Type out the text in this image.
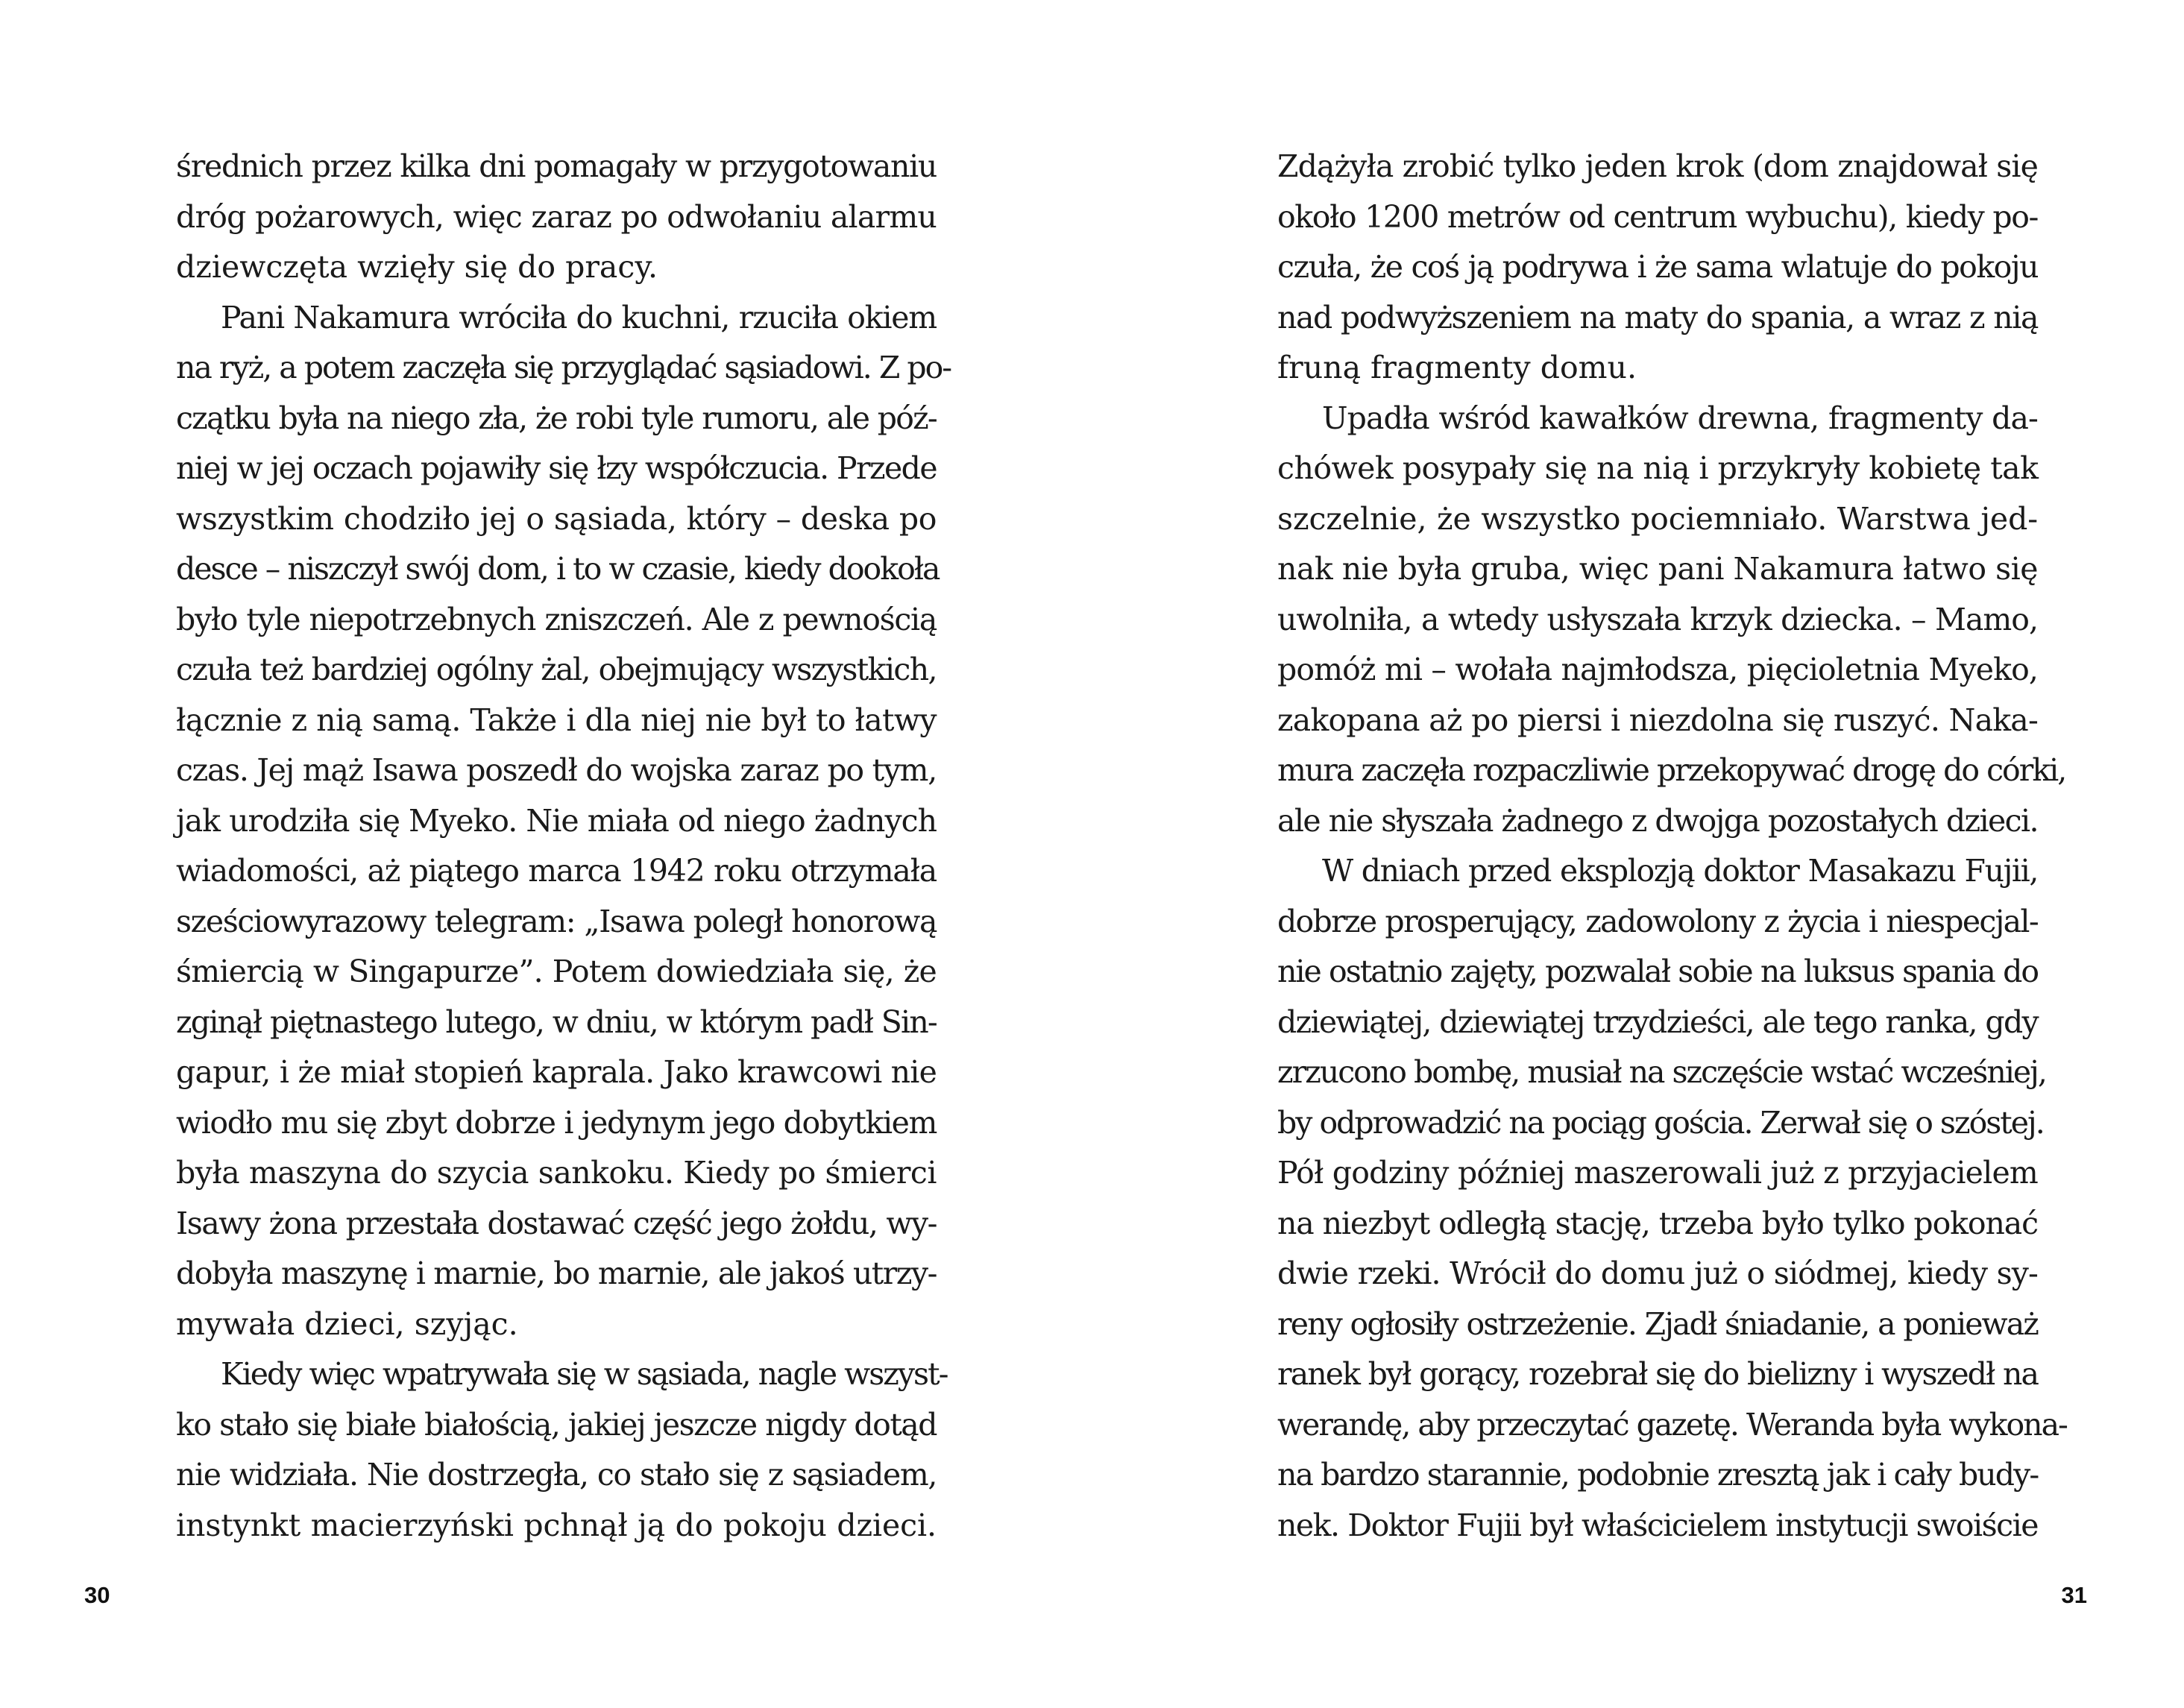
średnich przez kilka dni pomagały w przygotowaniu
dróg pożarowych, więc zaraz po odwołaniu alarmu
dziewczęta wzięły się do pracy.
Pani Nakamura wróciła do kuchni, rzuciła okiem
na ryż, a potem zaczęła się przyglądać sąsiadowi. Z po-
czątku była na niego zła, że robi tyle rumoru, ale póź-
niej w jej oczach pojawiły się łzy współczucia. Przede
wszystkim chodziło jej o sąsiada, który – deska po
desce – niszczył swój dom, i to w czasie, kiedy dookoła
było tyle niepotrzebnych zniszczeń. Ale z pewnością
czuła też bardziej ogólny żal, obejmujący wszystkich,
łącznie z nią samą. Także i dla niej nie był to łatwy
czas. Jej mąż Isawa poszedł do wojska zaraz po tym,
jak urodziła się Myeko. Nie miała od niego żadnych
wiadomości, aż piątego marca 1942 roku otrzymała
sześciowyrazowy telegram: „Isawa poległ honorową
śmiercią w Singapurze”. Potem dowiedziała się, że
zginął piętnastego lutego, w dniu, w którym padł Sin-
gapur, i że miał stopień kaprala. Jako krawcowi nie
wiodło mu się zbyt dobrze i jedynym jego dobytkiem
była maszyna do szycia sankoku. Kiedy po śmierci
Isawy żona przestała dostawać część jego żołdu, wy-
dobyła maszynę i marnie, bo marnie, ale jakoś utrzy-
mywała dzieci, szyjąc.
Kiedy więc wpatrywała się w sąsiada, nagle wszyst-
ko stało się białe białością, jakiej jeszcze nigdy dotąd
nie widziała. Nie dostrzegła, co stało się z sąsiadem,
instynkt macierzyński pchnął ją do pokoju dzieci.
30
Zdążyła zrobić tylko jeden krok (dom znajdował się
około 1200 metrów od centrum wybuchu), kiedy po-
czuła, że coś ją podrywa i że sama wlatuje do pokoju
nad podwyższeniem na maty do spania, a wraz z nią
fruną fragmenty domu.
Upadła wśród kawałków drewna, fragmenty da-
chówek posypały się na nią i przykryły kobietę tak
szczelnie, że wszystko pociemniało. Warstwa jed-
nak nie była gruba, więc pani Nakamura łatwo się
uwolniła, a wtedy usłyszała krzyk dziecka. – Mamo,
pomóż mi – wołała najmłodsza, pięcioletnia Myeko,
zakopana aż po piersi i niezdolna się ruszyć. Naka-
mura zaczęła rozpaczliwie przekopywać drogę do córki,
ale nie słyszała żadnego z dwojga pozostałych dzieci.
W dniach przed eksplozją doktor Masakazu Fujii,
dobrze prosperujący, zadowolony z życia i niespecjal-
nie ostatnio zajęty, pozwalał sobie na luksus spania do
dziewiątej, dziewiątej trzydzieści, ale tego ranka, gdy
zrzucono bombę, musiał na szczęście wstać wcześniej,
by odprowadzić na pociąg gościa. Zerwał się o szóstej.
Pół godziny później maszerowali już z przyjacielem
na niezbyt odległą stację, trzeba było tylko pokonać
dwie rzeki. Wrócił do domu już o siódmej, kiedy sy-
reny ogłosiły ostrzeżenie. Zjadł śniadanie, a ponieważ
ranek był gorący, rozebrał się do bielizny i wyszedł na
werandę, aby przeczytać gazetę. Weranda była wykona-
na bardzo starannie, podobnie zresztą jak i cały budy-
nek. Doktor Fujii był właścicielem instytucji swoiście
31
